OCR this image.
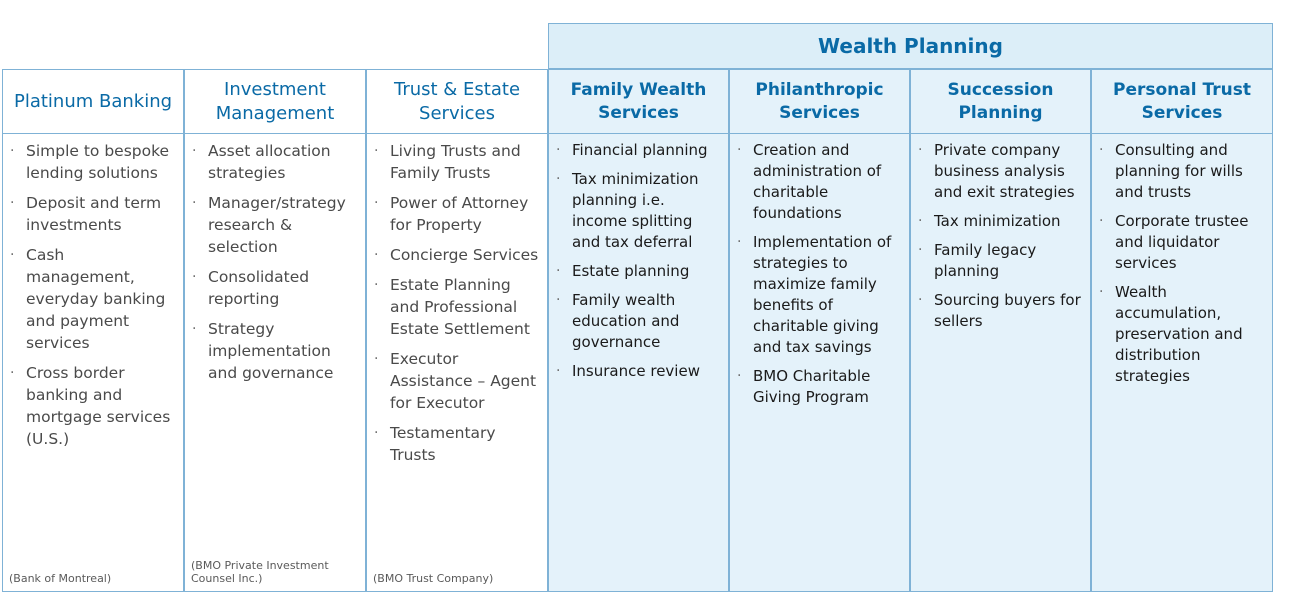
Wealth Planning
Platinum Banking
· Simple to bespoke lending solutions
· Deposit and term investments
· Cash management, everyday banking and payment services
· Cross border banking and mortgage services (U.S.)
(Bank of Montreal)
Investment Management
· Asset allocation strategies
· Manager/strategy research & selection
· Consolidated reporting
· Strategy implementation and governance
(BMO Private Investment Counsel Inc.)
Trust & Estate Services
· Living Trusts and Family Trusts
· Power of Attorney for Property
· Concierge Services
· Estate Planning and Professional Estate Settlement
· Executor Assistance – Agent for Executor
· Testamentary Trusts
(BMO Trust Company)
Family Wealth Services
· Financial planning
· Tax minimization planning i.e. income splitting and tax deferral
· Estate planning
· Family wealth education and governance
· Insurance review
Philanthropic Services
· Creation and administration of charitable foundations
· Implementation of strategies to maximize family benefits of charitable giving and tax savings
· BMO Charitable Giving Program
Succession Planning
· Private company business analysis and exit strategies
· Tax minimization
· Family legacy planning
· Sourcing buyers for sellers
Personal Trust Services
· Consulting and planning for wills and trusts
· Corporate trustee and liquidator services
· Wealth accumulation, preservation and distribution strategies
